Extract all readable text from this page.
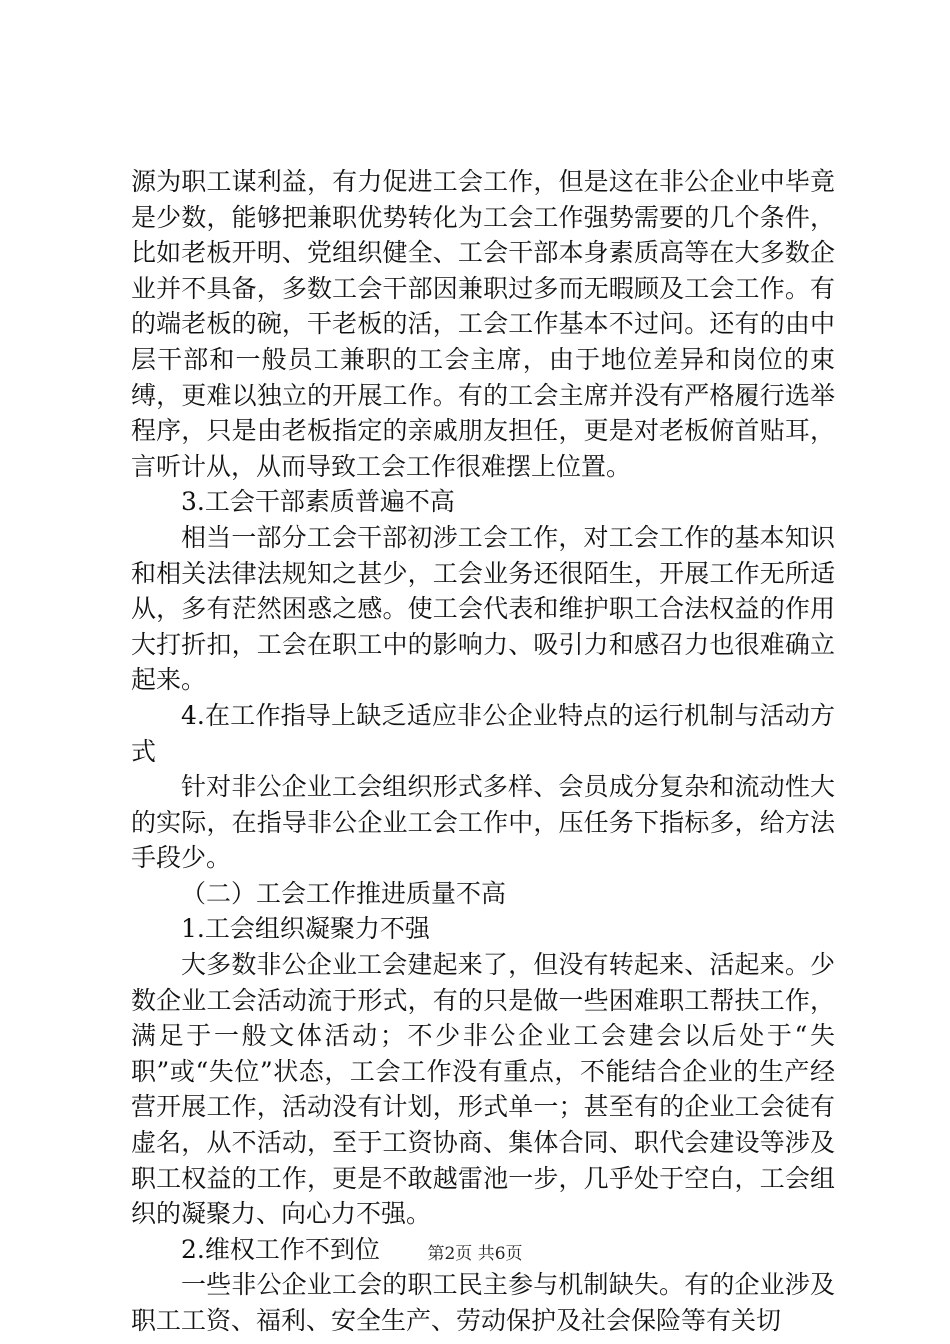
源为职工谋利益，有力促进工会工作，但是这在非公企业中毕竟是少数，能够把兼职优势转化为工会工作强势需要的几个条件，比如老板开明、党组织健全、工会干部本身素质高等在大多数企业并不具备，多数工会干部因兼职过多而无暇顾及工会工作。有的端老板的碗，干老板的活，工会工作基本不过问。还有的由中层干部和一般员工兼职的工会主席，由于地位差异和岗位的束缚，更难以独立的开展工作。有的工会主席并没有严格履行选举程序，只是由老板指定的亲戚朋友担任，更是对老板俯首贴耳，言听计从，从而导致工会工作很难摆上位置。

3.工会干部素质普遍不高

相当一部分工会干部初涉工会工作，对工会工作的基本知识和相关法律法规知之甚少，工会业务还很陌生，开展工作无所适从，多有茫然困惑之感。使工会代表和维护职工合法权益的作用大打折扣，工会在职工中的影响力、吸引力和感召力也很难确立起来。

4.在工作指导上缺乏适应非公企业特点的运行机制与活动方式

针对非公企业工会组织形式多样、会员成分复杂和流动性大的实际，在指导非公企业工会工作中，压任务下指标多，给方法手段少。

（二）工会工作推进质量不高

1.工会组织凝聚力不强

大多数非公企业工会建起来了，但没有转起来、活起来。少数企业工会活动流于形式，有的只是做一些困难职工帮扶工作，满足于一般文体活动；不少非公企业工会建会以后处于“失职”或“失位”状态，工会工作没有重点，不能结合企业的生产经营开展工作，活动没有计划，形式单一；甚至有的企业工会徒有虚名，从不活动，至于工资协商、集体合同、职代会建设等涉及职工权益的工作，更是不敢越雷池一步，几乎处于空白，工会组织的凝聚力、向心力不强。

2.维权工作不到位

一些非公企业工会的职工民主参与机制缺失。有的企业涉及职工工资、福利、安全生产、劳动保护及社会保险等有关切

第2页 共6页
